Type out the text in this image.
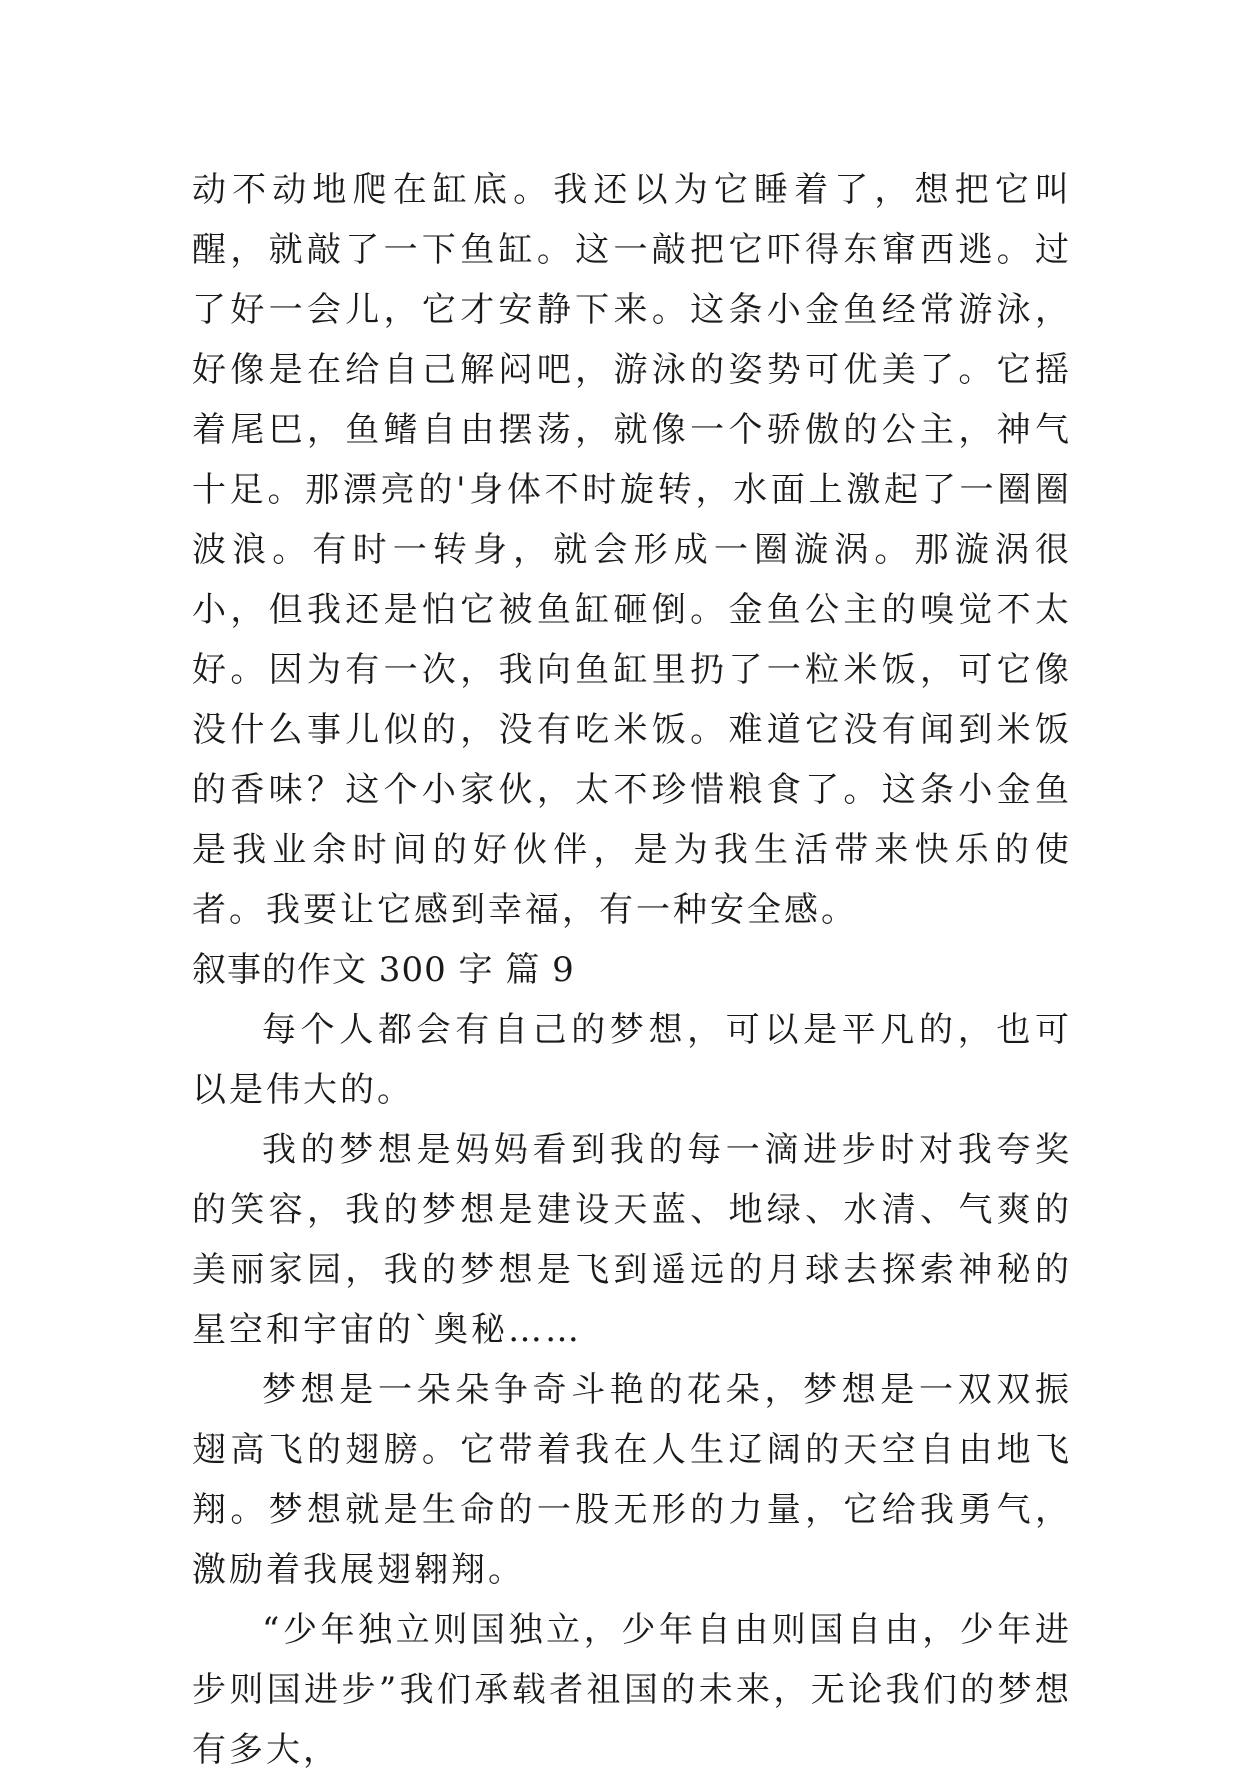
动不动地爬在缸底。我还以为它睡着了，想把它叫醒，就敲了一下鱼缸。这一敲把它吓得东窜西逃。过了好一会儿，它才安静下来。这条小金鱼经常游泳，好像是在给自己解闷吧，游泳的姿势可优美了。它摇着尾巴，鱼鳍自由摆荡，就像一个骄傲的公主，神气十足。那漂亮的'身体不时旋转，水面上激起了一圈圈波浪。有时一转身，就会形成一圈漩涡。那漩涡很小，但我还是怕它被鱼缸砸倒。金鱼公主的嗅觉不太好。因为有一次，我向鱼缸里扔了一粒米饭，可它像没什么事儿似的，没有吃米饭。难道它没有闻到米饭的香味？这个小家伙，太不珍惜粮食了。这条小金鱼是我业余时间的好伙伴，是为我生活带来快乐的使者。我要让它感到幸福，有一种安全感。

叙事的作文 300 字 篇 9

每个人都会有自己的梦想，可以是平凡的，也可以是伟大的。

我的梦想是妈妈看到我的每一滴进步时对我夸奖的笑容，我的梦想是建设天蓝、地绿、水清、气爽的美丽家园，我的梦想是飞到遥远的月球去探索神秘的星空和宇宙的`奥秘……

梦想是一朵朵争奇斗艳的花朵，梦想是一双双振翅高飞的翅膀。它带着我在人生辽阔的天空自由地飞翔。梦想就是生命的一股无形的力量，它给我勇气，激励着我展翅翱翔。

“少年独立则国独立，少年自由则国自由，少年进步则国进步”我们承载者祖国的未来，无论我们的梦想有多大，
